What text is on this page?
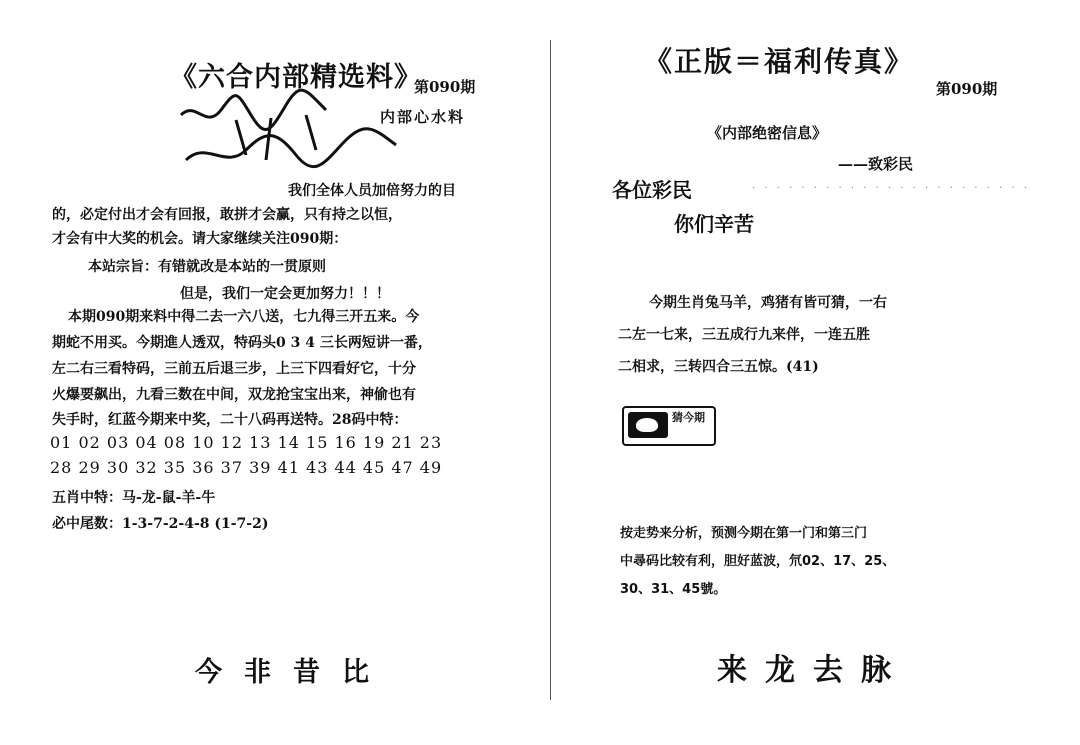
《六合内部精选料》
第090期
内部心水料
我们全体人员加倍努力的目
的，必定付出才会有回报，敢拼才会赢，只有持之以恒，
才会有中大奖的机会。请大家继续关注090期：
本站宗旨：有错就改是本站的一贯原则
但是，我们一定会更加努力！！！
本期090期来料中得二去一六八送，七九得三开五来。今
期蛇不用买。今期進人透双，特码头0 3 4 三长两短讲一番，
左二右三看特码，三前五后退三步，上三下四看好它，十分
火爆要飙出，九看三数在中间，双龙抢宝宝出来，神偷也有
失手时，红蓝今期来中奖，二十八码再送特。28码中特：
01 02 03 04 08 10 12 13 14 15 16 19 21 23
28 29 30 32 35 36 37 39 41 43 44 45 47 49
五肖中特：马-龙-鼠-羊-牛
必中尾数：1-3-7-2-4-8 (1-7-2)
今非昔比
《正版＝福利传真》
第090期
《内部绝密信息》
——致彩民
各位彩民	· · · · · · · · · · · · · · · · · · · · · · ·
你们辛苦
今期生肖兔马羊，鸡猪有皆可猜，一右
二左一七来，三五成行九来伴，一连五胜
二相求，三转四合三五惊。(41)
猜今期
按走势来分析，预测今期在第一门和第三门
中尋码比较有利，胆好蓝波，氘02、17、25、
30、31、45號。
来龙去脉
